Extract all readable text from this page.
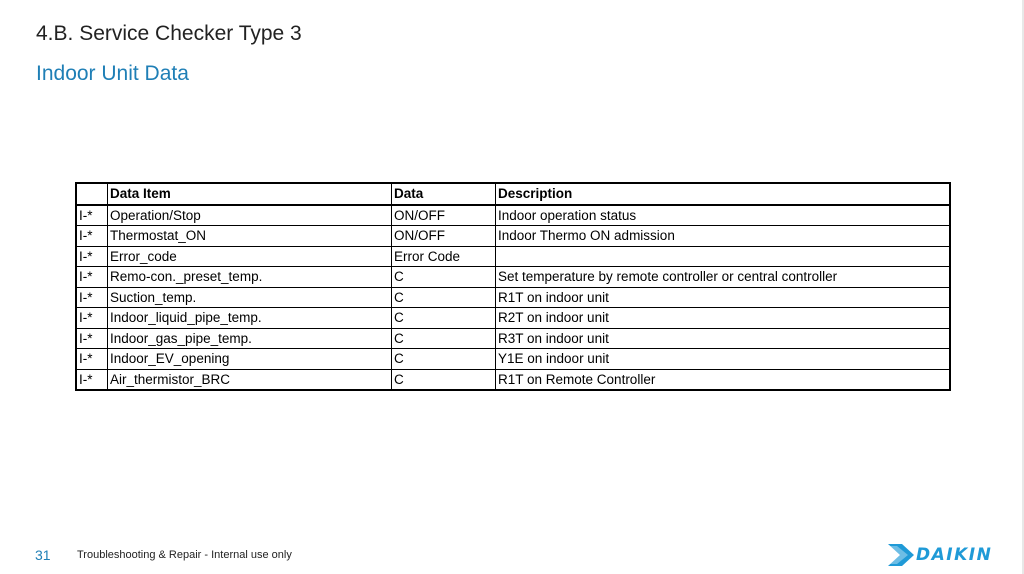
4.B. Service Checker Type 3
Indoor Unit Data
	Data Item	Data	Description
I-*	Operation/Stop	ON/OFF	Indoor operation status
I-*	Thermostat_ON	ON/OFF	Indoor Thermo ON admission
I-*	Error_code	Error Code	
I-*	Remo-con._preset_temp.	C	Set temperature by remote controller or central controller
I-*	Suction_temp.	C	R1T on indoor unit
I-*	Indoor_liquid_pipe_temp.	C	R2T on indoor unit
I-*	Indoor_gas_pipe_temp.	C	R3T on indoor unit
I-*	Indoor_EV_opening	C	Y1E on indoor unit
I-*	Air_thermistor_BRC	C	R1T on Remote Controller
31 Troubleshooting & Repair - Internal use only	DAIKIN
